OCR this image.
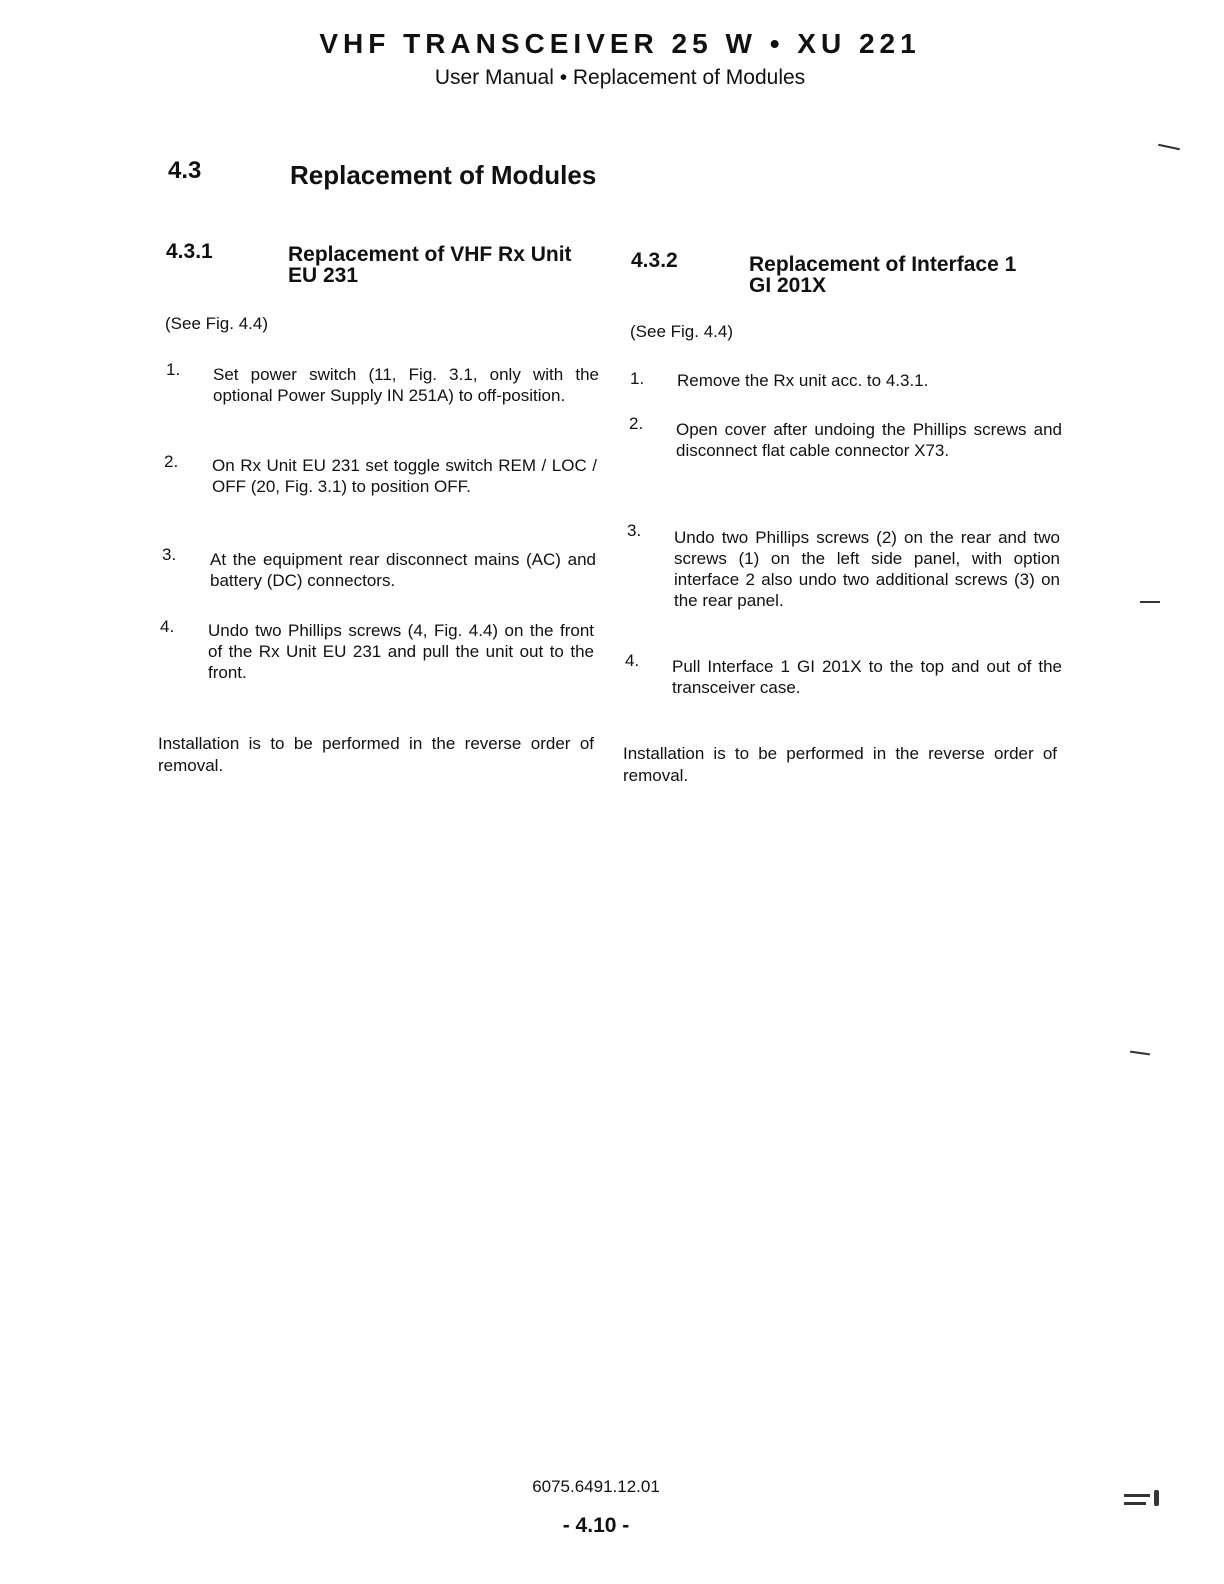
VHF TRANSCEIVER 25 W • XU 221
User Manual • Replacement of Modules
4.3	Replacement of Modules
4.3.1	Replacement of VHF Rx Unit
EU 231
(See Fig. 4.4)
1. Set power switch (11, Fig. 3.1, only with the optional Power Supply IN 251A) to off-position.
2. On Rx Unit EU 231 set toggle switch REM / LOC / OFF (20, Fig. 3.1) to position OFF.
3. At the equipment rear disconnect mains (AC) and battery (DC) connectors.
4. Undo two Phillips screws (4, Fig. 4.4) on the front of the Rx Unit EU 231 and pull the unit out to the front.
Installation is to be performed in the reverse order of removal.
4.3.2	Replacement of Interface 1
GI 201X
(See Fig. 4.4)
1. Remove the Rx unit acc. to 4.3.1.
2. Open cover after undoing the Phillips screws and disconnect flat cable connector X73.
3. Undo two Phillips screws (2) on the rear and two screws (1) on the left side panel, with option interface 2 also undo two additional screws (3) on the rear panel.
4. Pull Interface 1 GI 201X to the top and out of the transceiver case.
Installation is to be performed in the reverse order of removal.
6075.6491.12.01
- 4.10 -
